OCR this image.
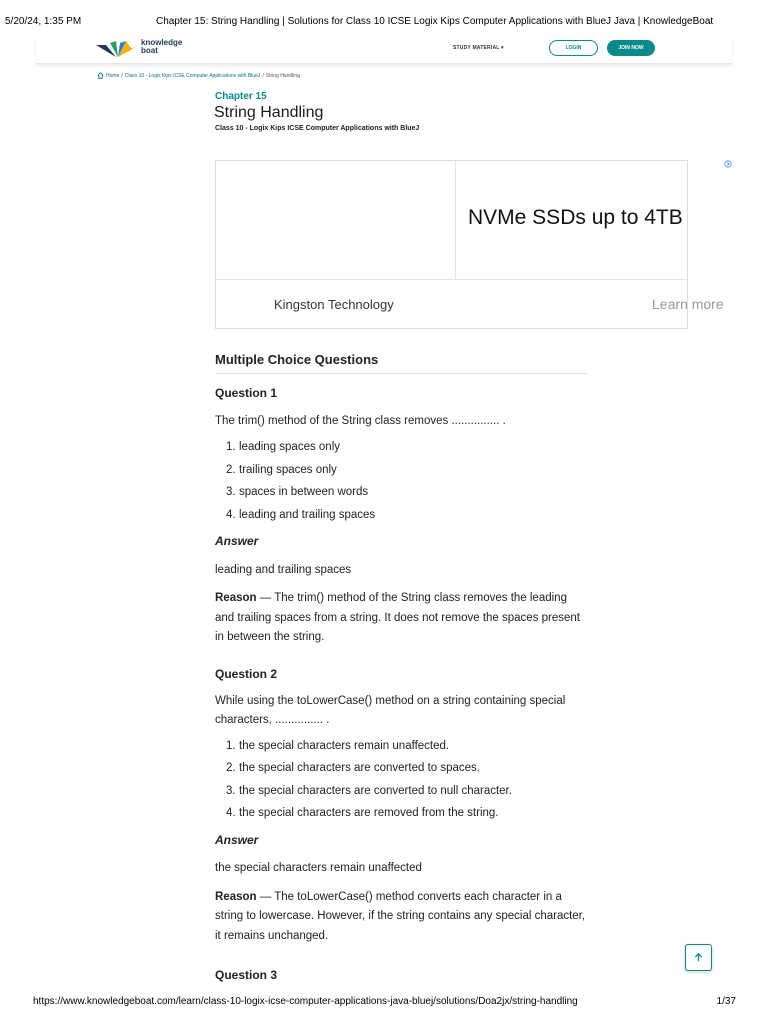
5/20/24, 1:35 PM	Chapter 15: String Handling | Solutions for Class 10 ICSE Logix Kips Computer Applications with BlueJ Java | KnowledgeBoat
knowledge
boat	STUDY MATERIAL ▾	LOGIN	JOIN NOW
Home / Class 10 - Logix Kips ICSE Computer Applications with BlueJ / String Handling
Chapter 15
String Handling
Class 10 - Logix Kips ICSE Computer Applications with BlueJ
NVMe SSDs up to 4TB
Kingston Technology	Learn more
Multiple Choice Questions
Question 1
The trim() method of the String class removes ............... .
1. leading spaces only
2. trailing spaces only
3. spaces in between words
4. leading and trailing spaces
Answer
leading and trailing spaces
Reason — The trim() method of the String class removes the leading and trailing spaces from a string. It does not remove the spaces present in between the string.
Question 2
While using the toLowerCase() method on a string containing special characters, ............... .
1. the special characters remain unaffected.
2. the special characters are converted to spaces.
3. the special characters are converted to null character.
4. the special characters are removed from the string.
Answer
the special characters remain unaffected
Reason — The toLowerCase() method converts each character in a string to lowercase. However, if the string contains any special character, it remains unchanged.
Question 3
https://www.knowledgeboat.com/learn/class-10-logix-icse-computer-applications-java-bluej/solutions/Doa2jx/string-handling	1/37
